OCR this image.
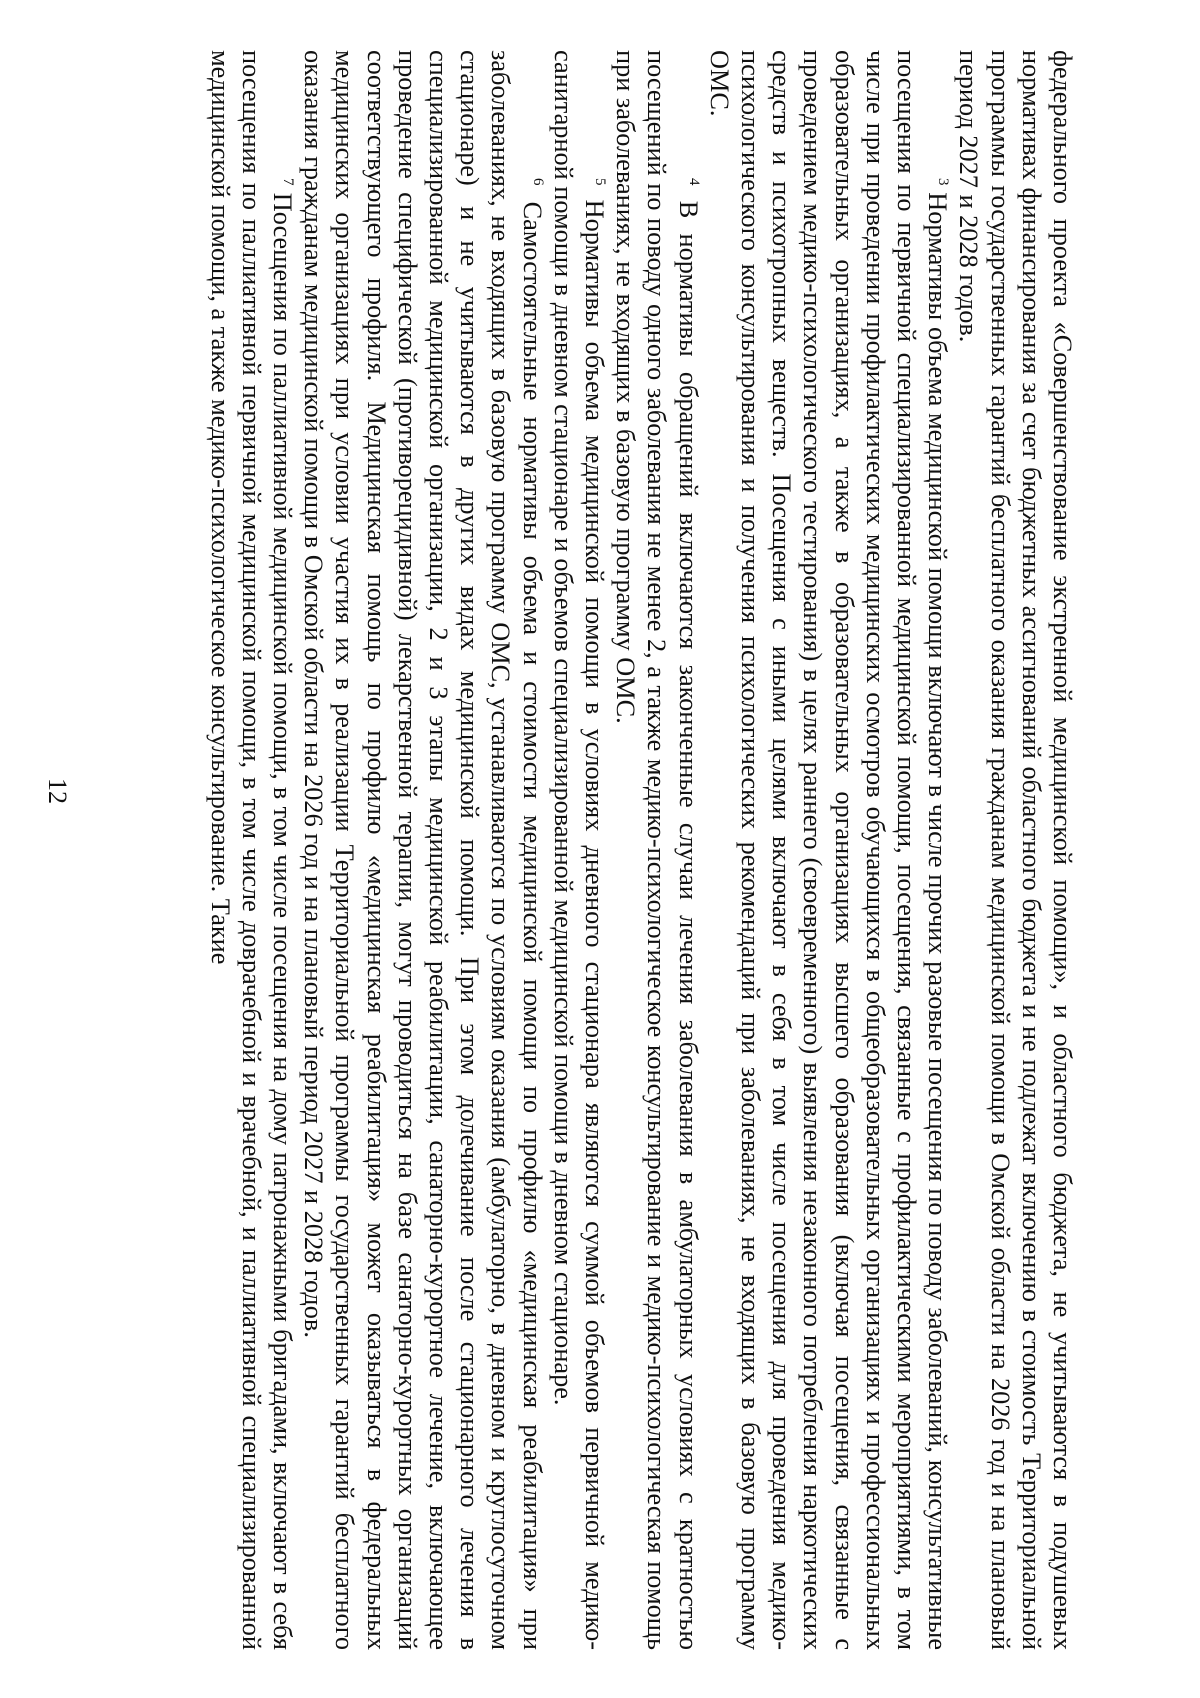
12	федерального проекта «Совершенствование экстренной медицинской помощи», и областного бюджета, не учитываются в подушевых нормативах финансирования за счет бюджетных ассигнований областного бюджета и не подлежат включению в стоимость Территориальной программы государственных гарантий бесплатного оказания гражданам медицинской помощи в Омской области на 2026 год и на плановый период 2027 и 2028 годов.

$^3$ Нормативы объема медицинской помощи включают в числе прочих разовые посещения по поводу заболеваний, консультативные посещения по первичной специализированной медицинской помощи, посещения, связанные с профилактическими мероприятиями, в том числе при проведении профилактических медицинских осмотров обучающихся в общеобразовательных организациях и профессиональных образовательных организациях, а также в образовательных организациях высшего образования (включая посещения, связанные с проведением медико-психологического тестирования) в целях раннего (своевременного) выявления незаконного потребления наркотических средств и психотропных веществ. Посещения с иными целями включают в себя в том числе посещения для проведения медико-психологического консультирования и получения психологических рекомендаций при заболеваниях, не входящих в базовую программу ОМС.

$^4$ В нормативы обращений включаются законченные случаи лечения заболевания в амбулаторных условиях с кратностью посещений по поводу одного заболевания не менее 2, а также медико-психологическое консультирование и медико-психологическая помощь при заболеваниях, не входящих в базовую программу ОМС.

$^5$ Нормативы объема медицинской помощи в условиях дневного стационара являются суммой объемов первичной медико-санитарной помощи в дневном стационаре и объемов специализированной медицинской помощи в дневном стационаре.

$^6$ Самостоятельные нормативы объема и стоимости медицинской помощи по профилю «медицинская реабилитация» при заболеваниях, не входящих в базовую программу ОМС, устанавливаются по условиям оказания (амбулаторно, в дневном и круглосуточном стационаре) и не учитываются в других видах медицинской помощи. При этом долечивание после стационарного лечения в специализированной медицинской организации, 2 и 3 этапы медицинской реабилитации, санаторно-курортное лечение, включающее проведение специфической (противорецидивной) лекарственной терапии, могут проводиться на базе санаторно-курортных организаций соответствующего профиля. Медицинская помощь по профилю «медицинская реабилитация» может оказываться в федеральных медицинских организациях при условии участия их в реализации Территориальной программы государственных гарантий бесплатного оказания гражданам медицинской помощи в Омской области на 2026 год и на плановый период 2027 и 2028 годов.

$^7$ Посещения по паллиативной медицинской помощи, в том числе посещения на дому патронажными бригадами, включают в себя посещения по паллиативной первичной медицинской помощи, в том числе доврачебной и врачебной, и паллиативной специализированной медицинской помощи, а также медико-психологическое консультирование. Такие
